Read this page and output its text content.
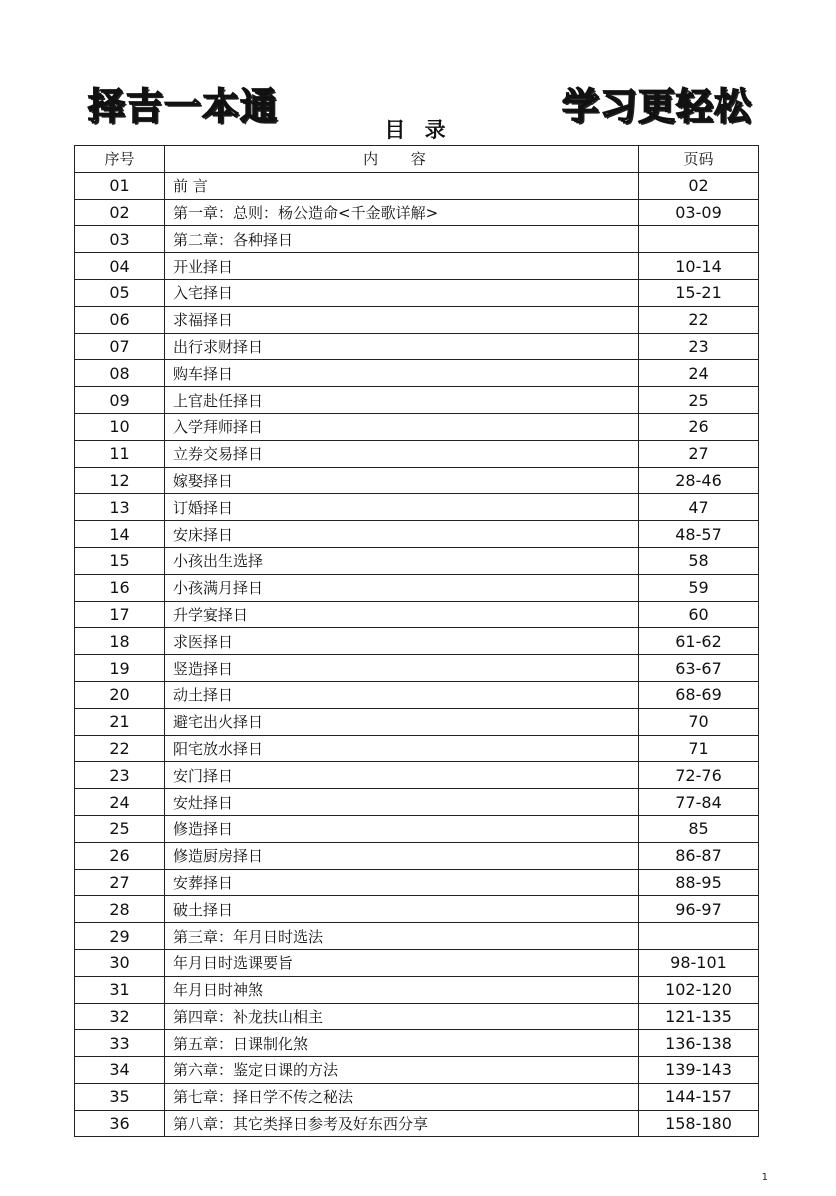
择吉一本通	学习更轻松
目 录
序号	内 容	页码
01	前 言	02
02	第一章：总则：杨公造命<千金歌详解>	03-09
03	第二章：各种择日	
04	开业择日	10-14
05	入宅择日	15-21
06	求福择日	22
07	出行求财择日	23
08	购车择日	24
09	上官赴任择日	25
10	入学拜师择日	26
11	立券交易择日	27
12	嫁娶择日	28-46
13	订婚择日	47
14	安床择日	48-57
15	小孩出生选择	58
16	小孩满月择日	59
17	升学宴择日	60
18	求医择日	61-62
19	竖造择日	63-67
20	动土择日	68-69
21	避宅出火择日	70
22	阳宅放水择日	71
23	安门择日	72-76
24	安灶择日	77-84
25	修造择日	85
26	修造厨房择日	86-87
27	安葬择日	88-95
28	破土择日	96-97
29	第三章：年月日时选法	
30	年月日时选课要旨	98-101
31	年月日时神煞	102-120
32	第四章：补龙扶山相主	121-135
33	第五章：日课制化煞	136-138
34	第六章：鉴定日课的方法	139-143
35	第七章：择日学不传之秘法	144-157
36	第八章：其它类择日参考及好东西分享	158-180
1
